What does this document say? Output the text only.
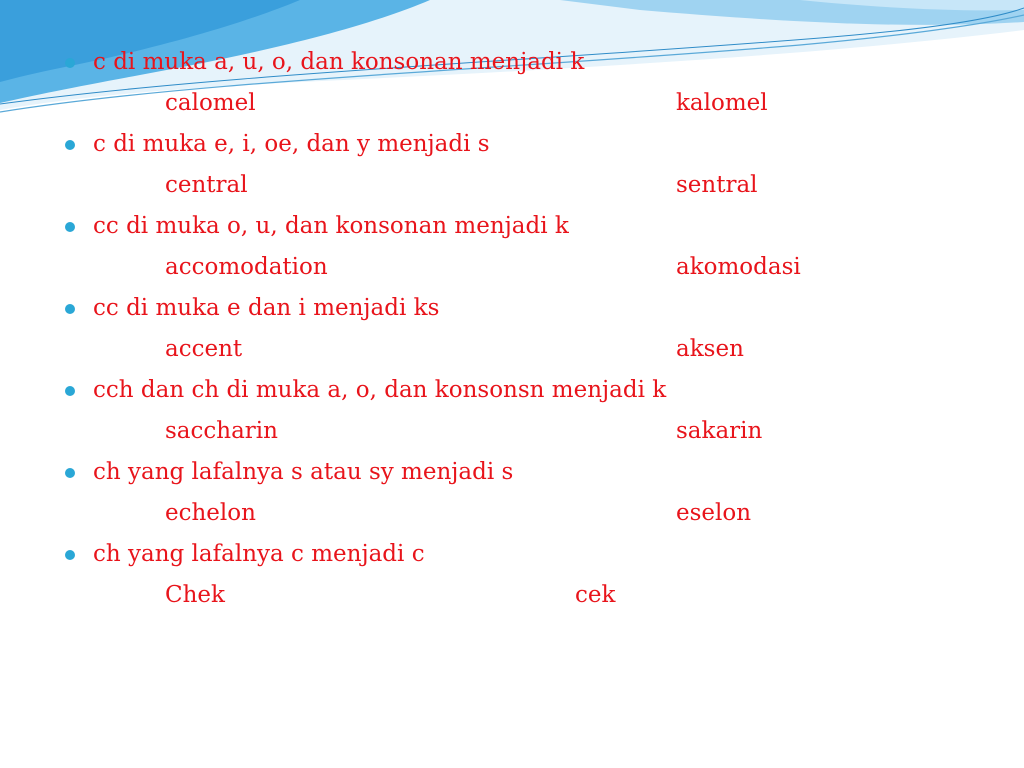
c di muka a, u, o, dan konsonan menjadi k
calomel	kalomel
c di muka e, i, oe, dan y menjadi s
central	sentral
cc di muka o, u, dan konsonan menjadi k
accomodation	akomodasi
cc di muka e dan i menjadi ks
accent	aksen
cch dan ch di muka a, o, dan konsonsn menjadi k
saccharin	sakarin
ch yang lafalnya s atau sy menjadi s
echelon	eselon
ch yang lafalnya c menjadi c
Chek	cek
